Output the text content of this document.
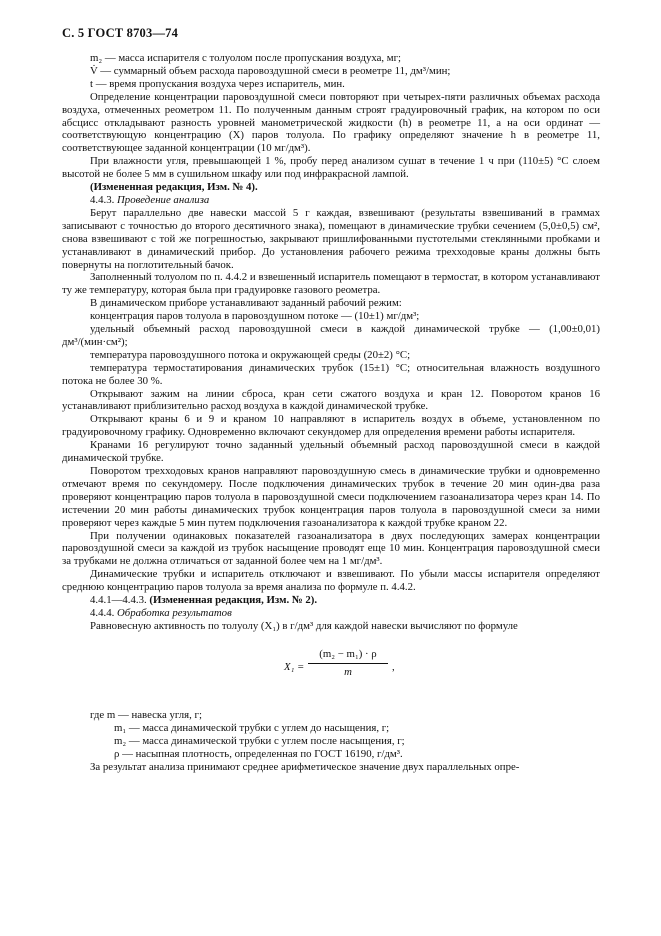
С. 5 ГОСТ 8703—74
m₂ — масса испарителя с толуолом после пропускания воздуха, мг;
V̇ — суммарный объем расхода паровоздушной смеси в реометре 11, дм³/мин;
t — время пропускания воздуха через испаритель, мин.

Определение концентрации паровоздушной смеси повторяют при четырех-пяти различных объемах расхода воздуха, отмеченных реометром 11. По полученным данным строят градуировочный график, на котором по оси абсцисс откладывают разность уровней манометрической жидкости (h) в реометре 11, а на оси ординат — соответствующую концентрацию (X) паров толуола. По графику определяют значение h в реометре 11, соответствующее заданной концентрации (10 мг/дм³).

При влажности угля, превышающей 1 %, пробу перед анализом сушат в течение 1 ч при (110±5) °С слоем высотой не более 5 мм в сушильном шкафу или под инфракрасной лампой.

(Измененная редакция, Изм. № 4).

4.4.3. Проведение анализа

Берут параллельно две навески массой 5 г каждая, взвешивают (результаты взвешиваний в граммах записывают с точностью до второго десятичного знака), помещают в динамические трубки сечением (5,0±0,5) см², снова взвешивают с той же погрешностью, закрывают пришлифованными пустотелыми стеклянными пробками и устанавливают в динамический прибор. До установления рабочего режима трехходовые краны должны быть повернуты на поглотительный бачок.

Заполненный толуолом по п. 4.4.2 и взвешенный испаритель помещают в термостат, в котором устанавливают ту же температуру, которая была при градуировке газового реометра.

В динамическом приборе устанавливают заданный рабочий режим:

концентрация паров толуола в паровоздушном потоке — (10±1) мг/дм³;

удельный объемный расход паровоздушной смеси в каждой динамической трубке — (1,00±0,01) дм³/(мин·см²);

температура паровоздушного потока и окружающей среды (20±2) °С;

температура термостатирования динамических трубок (15±1) °С; относительная влажность воздушного потока не более 30 %.

Открывают зажим на линии сброса, кран сети сжатого воздуха и кран 12. Поворотом кранов 16 устанавливают приблизительно расход воздуха в каждой динамической трубке.

Открывают краны 6 и 9 и краном 10 направляют в испаритель воздух в объеме, установленном по градуировочному графику. Одновременно включают секундомер для определения времени работы испарителя.

Кранами 16 регулируют точно заданный удельный объемный расход паровоздушной смеси в каждой динамической трубке.

Поворотом трехходовых кранов направляют паровоздушную смесь в динамические трубки и одновременно отмечают время по секундомеру. После подключения динамических трубок в течение 20 мин один-два раза проверяют концентрацию паров толуола в паровоздушной смеси подключением газоанализатора через кран 14. По истечении 20 мин работы динамических трубок концентрация паров толуола в паровоздушной смеси за ними проверяют через каждые 5 мин путем подключения газоанализатора к каждой трубке краном 22.

При получении одинаковых показателей газоанализатора в двух последующих замерах концентрации паровоздушной смеси за каждой из трубок насыщение проводят еще 10 мин. Концентрация паровоздушной смеси за трубками не должна отличаться от заданной более чем на 1 мг/дм³.

Динамические трубки и испаритель отключают и взвешивают. По убыли массы испарителя определяют среднюю концентрацию паров толуола за время анализа по формуле п. 4.4.2.

4.4.1—4.4.3. (Измененная редакция, Изм. № 2).

4.4.4. Обработка результатов

Равновесную активность по толуолу (X₁) в г/дм³ для каждой навески вычисляют по формуле

$X_1 = \frac{\text{(m₂ − m₁) · ρ}}{m}$ ,

где m — навеска угля, г;

m₁ — масса динамической трубки с углем до насыщения, г;
m₂ — масса динамической трубки с углем после насыщения, г;
ρ — насыпная плотность, определенная по ГОСТ 16190, г/дм³.

За результат анализа принимают среднее арифметическое значение двух параллельных опре-
